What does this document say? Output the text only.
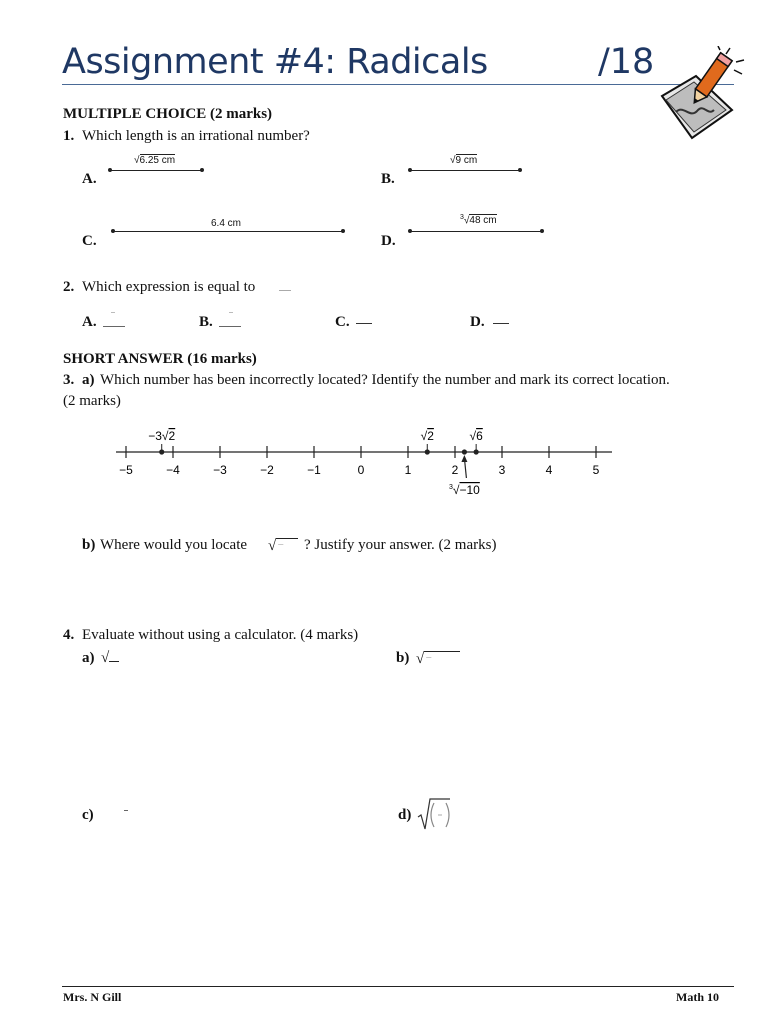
Assignment #4: Radicals	/18
MULTIPLE CHOICE (2 marks)
1. Which length is an irrational number?
A.
√6.25 cm
B.
√9 cm
C.
6.4 cm
D.
$^3$√48 cm
2. Which expression is equal to
A.	B.	C.	D.
SHORT ANSWER (16 marks)
3. a) Which number has been incorrectly located? Identify the number and mark its correct location.
(2 marks)
−5	−4	−3	−2	−1	0	1	2	3	4	5
−3√2	√2	√6
$^3$√−10
b) Where would you locate √ –	? Justify your answer. (2 marks)
4. Evaluate without using a calculator. (4 marks)
a) √	b) √ –
c)	d)
Mrs. N Gill	Math 10
